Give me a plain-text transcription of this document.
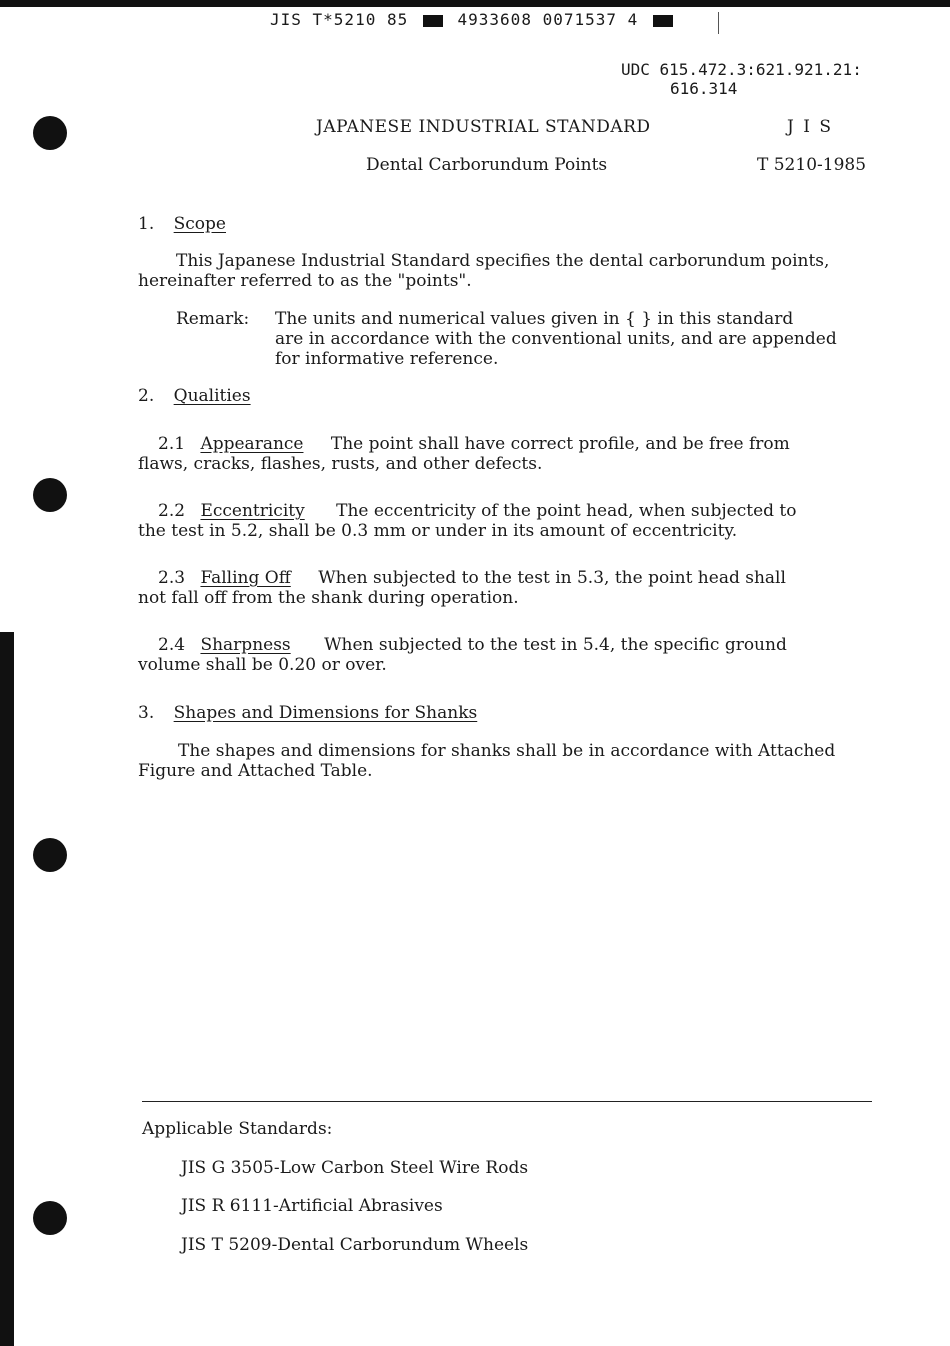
JIS T*5210 85	4933608 0071537 4
UDC 615.472.3:621.921.21:
616.314
JAPANESE INDUSTRIAL STANDARD	J I S
Dental Carborundum Points	T 5210-1985
1. Scope
This Japanese Industrial Standard specifies the dental carborundum points,
hereinafter referred to as the "points".
Remark: The units and numerical values given in { } in this standard
are in accordance with the conventional units, and are appended
for informative reference.
2. Qualities
2.1 Appearance The point shall have correct profile, and be free from
flaws, cracks, flashes, rusts, and other defects.
2.2 Eccentricity The eccentricity of the point head, when subjected to
the test in 5.2, shall be 0.3 mm or under in its amount of eccentricity.
2.3 Falling Off When subjected to the test in 5.3, the point head shall
not fall off from the shank during operation.
2.4 Sharpness When subjected to the test in 5.4, the specific ground
volume shall be 0.20 or over.
3. Shapes and Dimensions for Shanks
The shapes and dimensions for shanks shall be in accordance with Attached
Figure and Attached Table.
Applicable Standards:
JIS G 3505-Low Carbon Steel Wire Rods
JIS R 6111-Artificial Abrasives
JIS T 5209-Dental Carborundum Wheels
